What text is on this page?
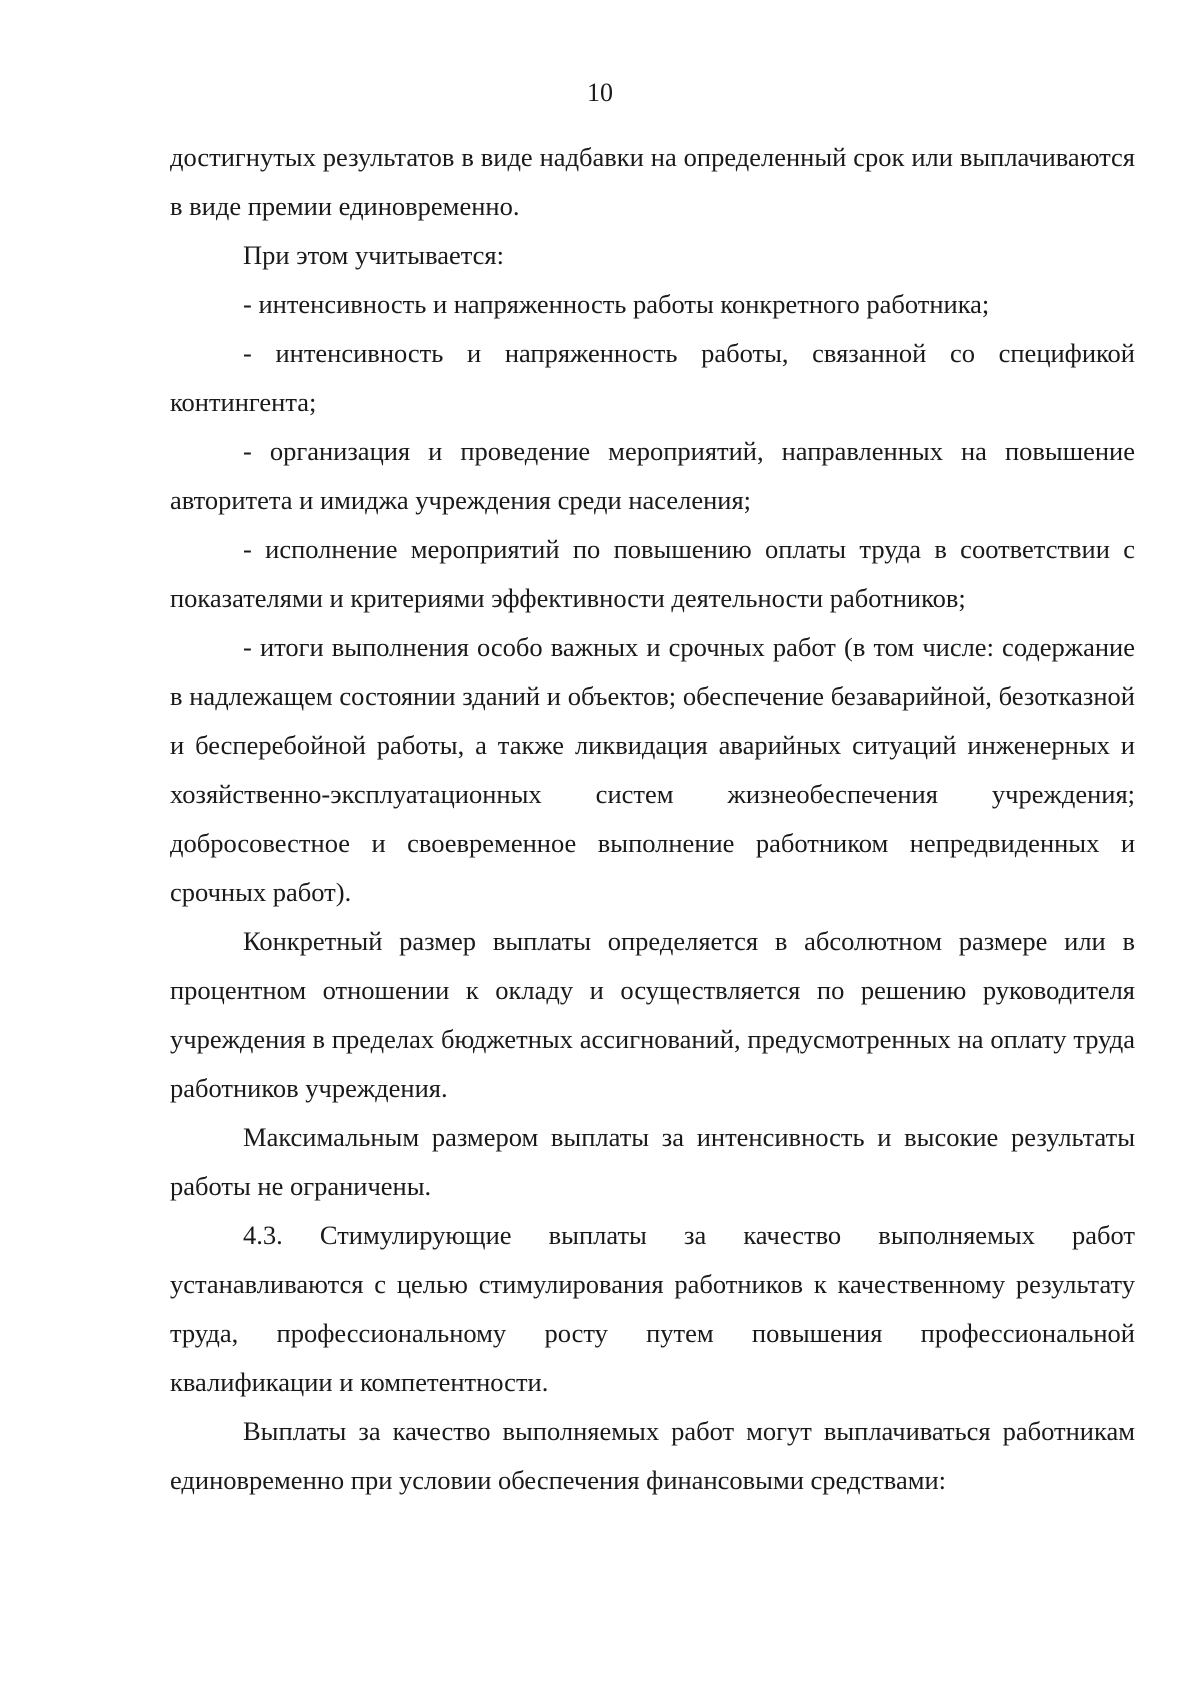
10

достигнутых результатов в виде надбавки на определенный срок или выплачиваются в виде премии единовременно.

При этом учитывается:

- интенсивность и напряженность работы конкретного работника;

- интенсивность и напряженность работы, связанной со спецификой контингента;

- организация и проведение мероприятий, направленных на повышение авторитета и имиджа учреждения среди населения;

- исполнение мероприятий по повышению оплаты труда в соответствии с показателями и критериями эффективности деятельности работников;

- итоги выполнения особо важных и срочных работ (в том числе: содержание в надлежащем состоянии зданий и объектов; обеспечение безаварийной, безотказной и бесперебойной работы, а также ликвидация аварийных ситуаций инженерных и хозяйственно-эксплуатационных систем жизнеобеспечения учреждения; добросовестное и своевременное выполнение работником непредвиденных и срочных работ).

Конкретный размер выплаты определяется в абсолютном размере или в процентном отношении к окладу и осуществляется по решению руководителя учреждения в пределах бюджетных ассигнований, предусмотренных на оплату труда работников учреждения.

Максимальным размером выплаты за интенсивность и высокие результаты работы не ограничены.

4.3. Стимулирующие выплаты за качество выполняемых работ устанавливаются с целью стимулирования работников к качественному результату труда, профессиональному росту путем повышения профессиональной квалификации и компетентности.

Выплаты за качество выполняемых работ могут выплачиваться работникам единовременно при условии обеспечения финансовыми средствами:
